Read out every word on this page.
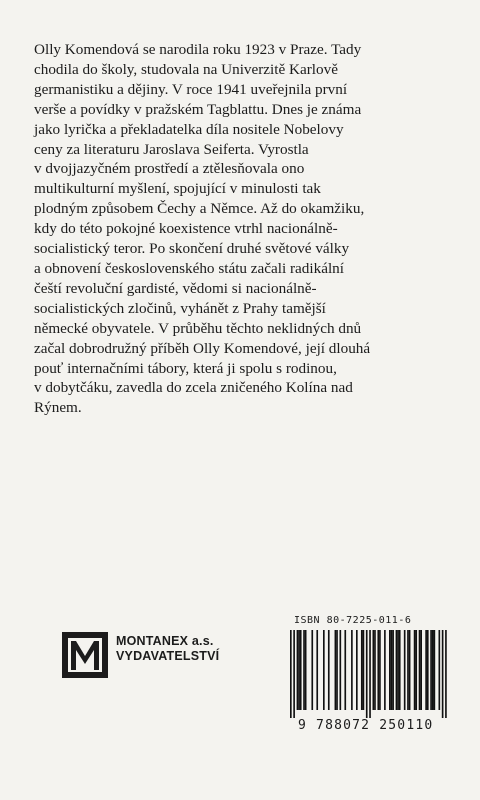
Olly Komendová se narodila roku 1923 v Praze. Tady
chodila do školy, studovala na Univerzitě Karlově
germanistiku a dějiny. V roce 1941 uveřejnila první
verše a povídky v pražském Tagblattu. Dnes je známa
jako lyrička a překladatelka díla nositele Nobelovy
ceny za literaturu Jaroslava Seiferta. Vyrostla
v dvojjazyčném prostředí a ztělesňovala ono
multikulturní myšlení, spojující v minulosti tak
plodným způsobem Čechy a Němce. Až do okamžiku,
kdy do této pokojné koexistence vtrhl nacionálně-
socialistický teror. Po skončení druhé světové války
a obnovení československého státu začali radikální
čeští revoluční gardisté, vědomi si nacionálně-
socialistických zločinů, vyhánět z Prahy tamější
německé obyvatele. V průběhu těchto neklidných dnů
začal dobrodružný příběh Olly Komendové, její dlouhá
pouť internačními tábory, která ji spolu s rodinou,
v dobytčáku, zavedla do zcela zničeného Kolína nad
Rýnem.
MONTANEX a.s.
VYDAVATELSTVÍ
ISBN 80-7225-011-6
9 788072 250110
